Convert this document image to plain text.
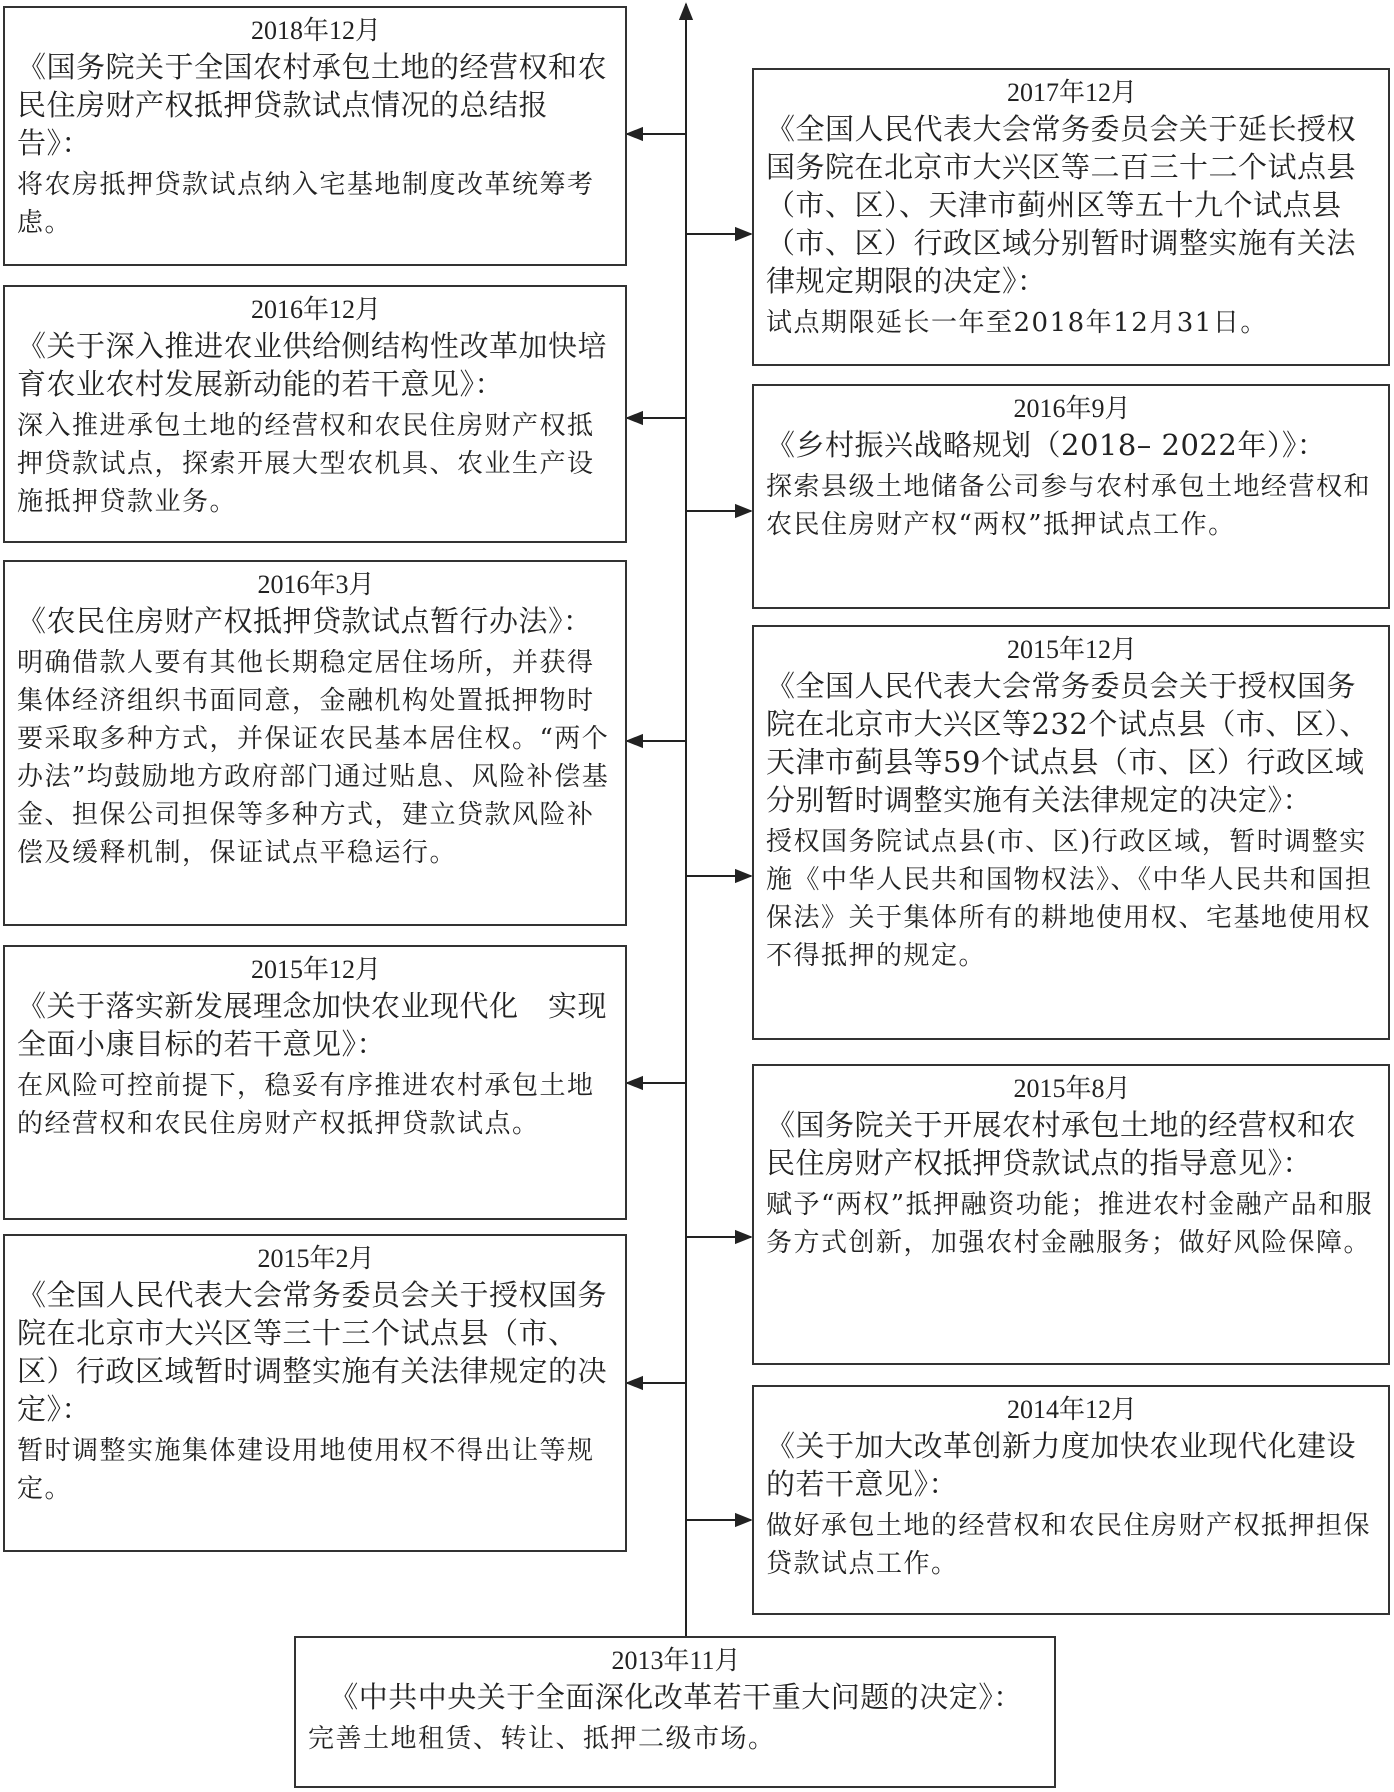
2018年12月
《国务院关于全国农村承包土地的经营权和农民住房财产权抵押贷款试点情况的总结报告》：
将农房抵押贷款试点纳入宅基地制度改革统筹考虑。
2016年12月
《关于深入推进农业供给侧结构性改革加快培育农业农村发展新动能的若干意见》：
深入推进承包土地的经营权和农民住房财产权抵押贷款试点，探索开展大型农机具、农业生产设施抵押贷款业务。
2016年3月
《农民住房财产权抵押贷款试点暂行办法》：
明确借款人要有其他长期稳定居住场所，并获得集体经济组织书面同意，金融机构处置抵押物时要采取多种方式，并保证农民基本居住权。“两个办法”均鼓励地方政府部门通过贴息、风险补偿基金、担保公司担保等多种方式，建立贷款风险补偿及缓释机制，保证试点平稳运行。
2015年12月
《关于落实新发展理念加快农业现代化　实现全面小康目标的若干意见》：
在风险可控前提下，稳妥有序推进农村承包土地的经营权和农民住房财产权抵押贷款试点。
2015年2月
《全国人民代表大会常务委员会关于授权国务院在北京市大兴区等三十三个试点县（市、区）行政区域暂时调整实施有关法律规定的决定》：
暂时调整实施集体建设用地使用权不得出让等规定。
2017年12月
《全国人民代表大会常务委员会关于延长授权国务院在北京市大兴区等二百三十二个试点县（市、区）、天津市蓟州区等五十九个试点县（市、区）行政区域分别暂时调整实施有关法律规定期限的决定》：
试点期限延长一年至2018年12月31日。
2016年9月
《乡村振兴战略规划（2018– 2022年）》：
探索县级土地储备公司参与农村承包土地经营权和农民住房财产权“两权”抵押试点工作。
2015年12月
《全国人民代表大会常务委员会关于授权国务院在北京市大兴区等232个试点县（市、区）、天津市蓟县等59个试点县（市、区）行政区域分别暂时调整实施有关法律规定的决定》：
授权国务院试点县(市、区)行政区域，暂时调整实施《中华人民共和国物权法》、《中华人民共和国担保法》关于集体所有的耕地使用权、宅基地使用权不得抵押的规定。
2015年8月
《国务院关于开展农村承包土地的经营权和农民住房财产权抵押贷款试点的指导意见》：
赋予“两权”抵押融资功能；推进农村金融产品和服务方式创新，加强农村金融服务；做好风险保障。
2014年12月
《关于加大改革创新力度加快农业现代化建设的若干意见》：
做好承包土地的经营权和农民住房财产权抵押担保贷款试点工作。
2013年11月
《中共中央关于全面深化改革若干重大问题的决定》：
完善土地租赁、转让、抵押二级市场。
